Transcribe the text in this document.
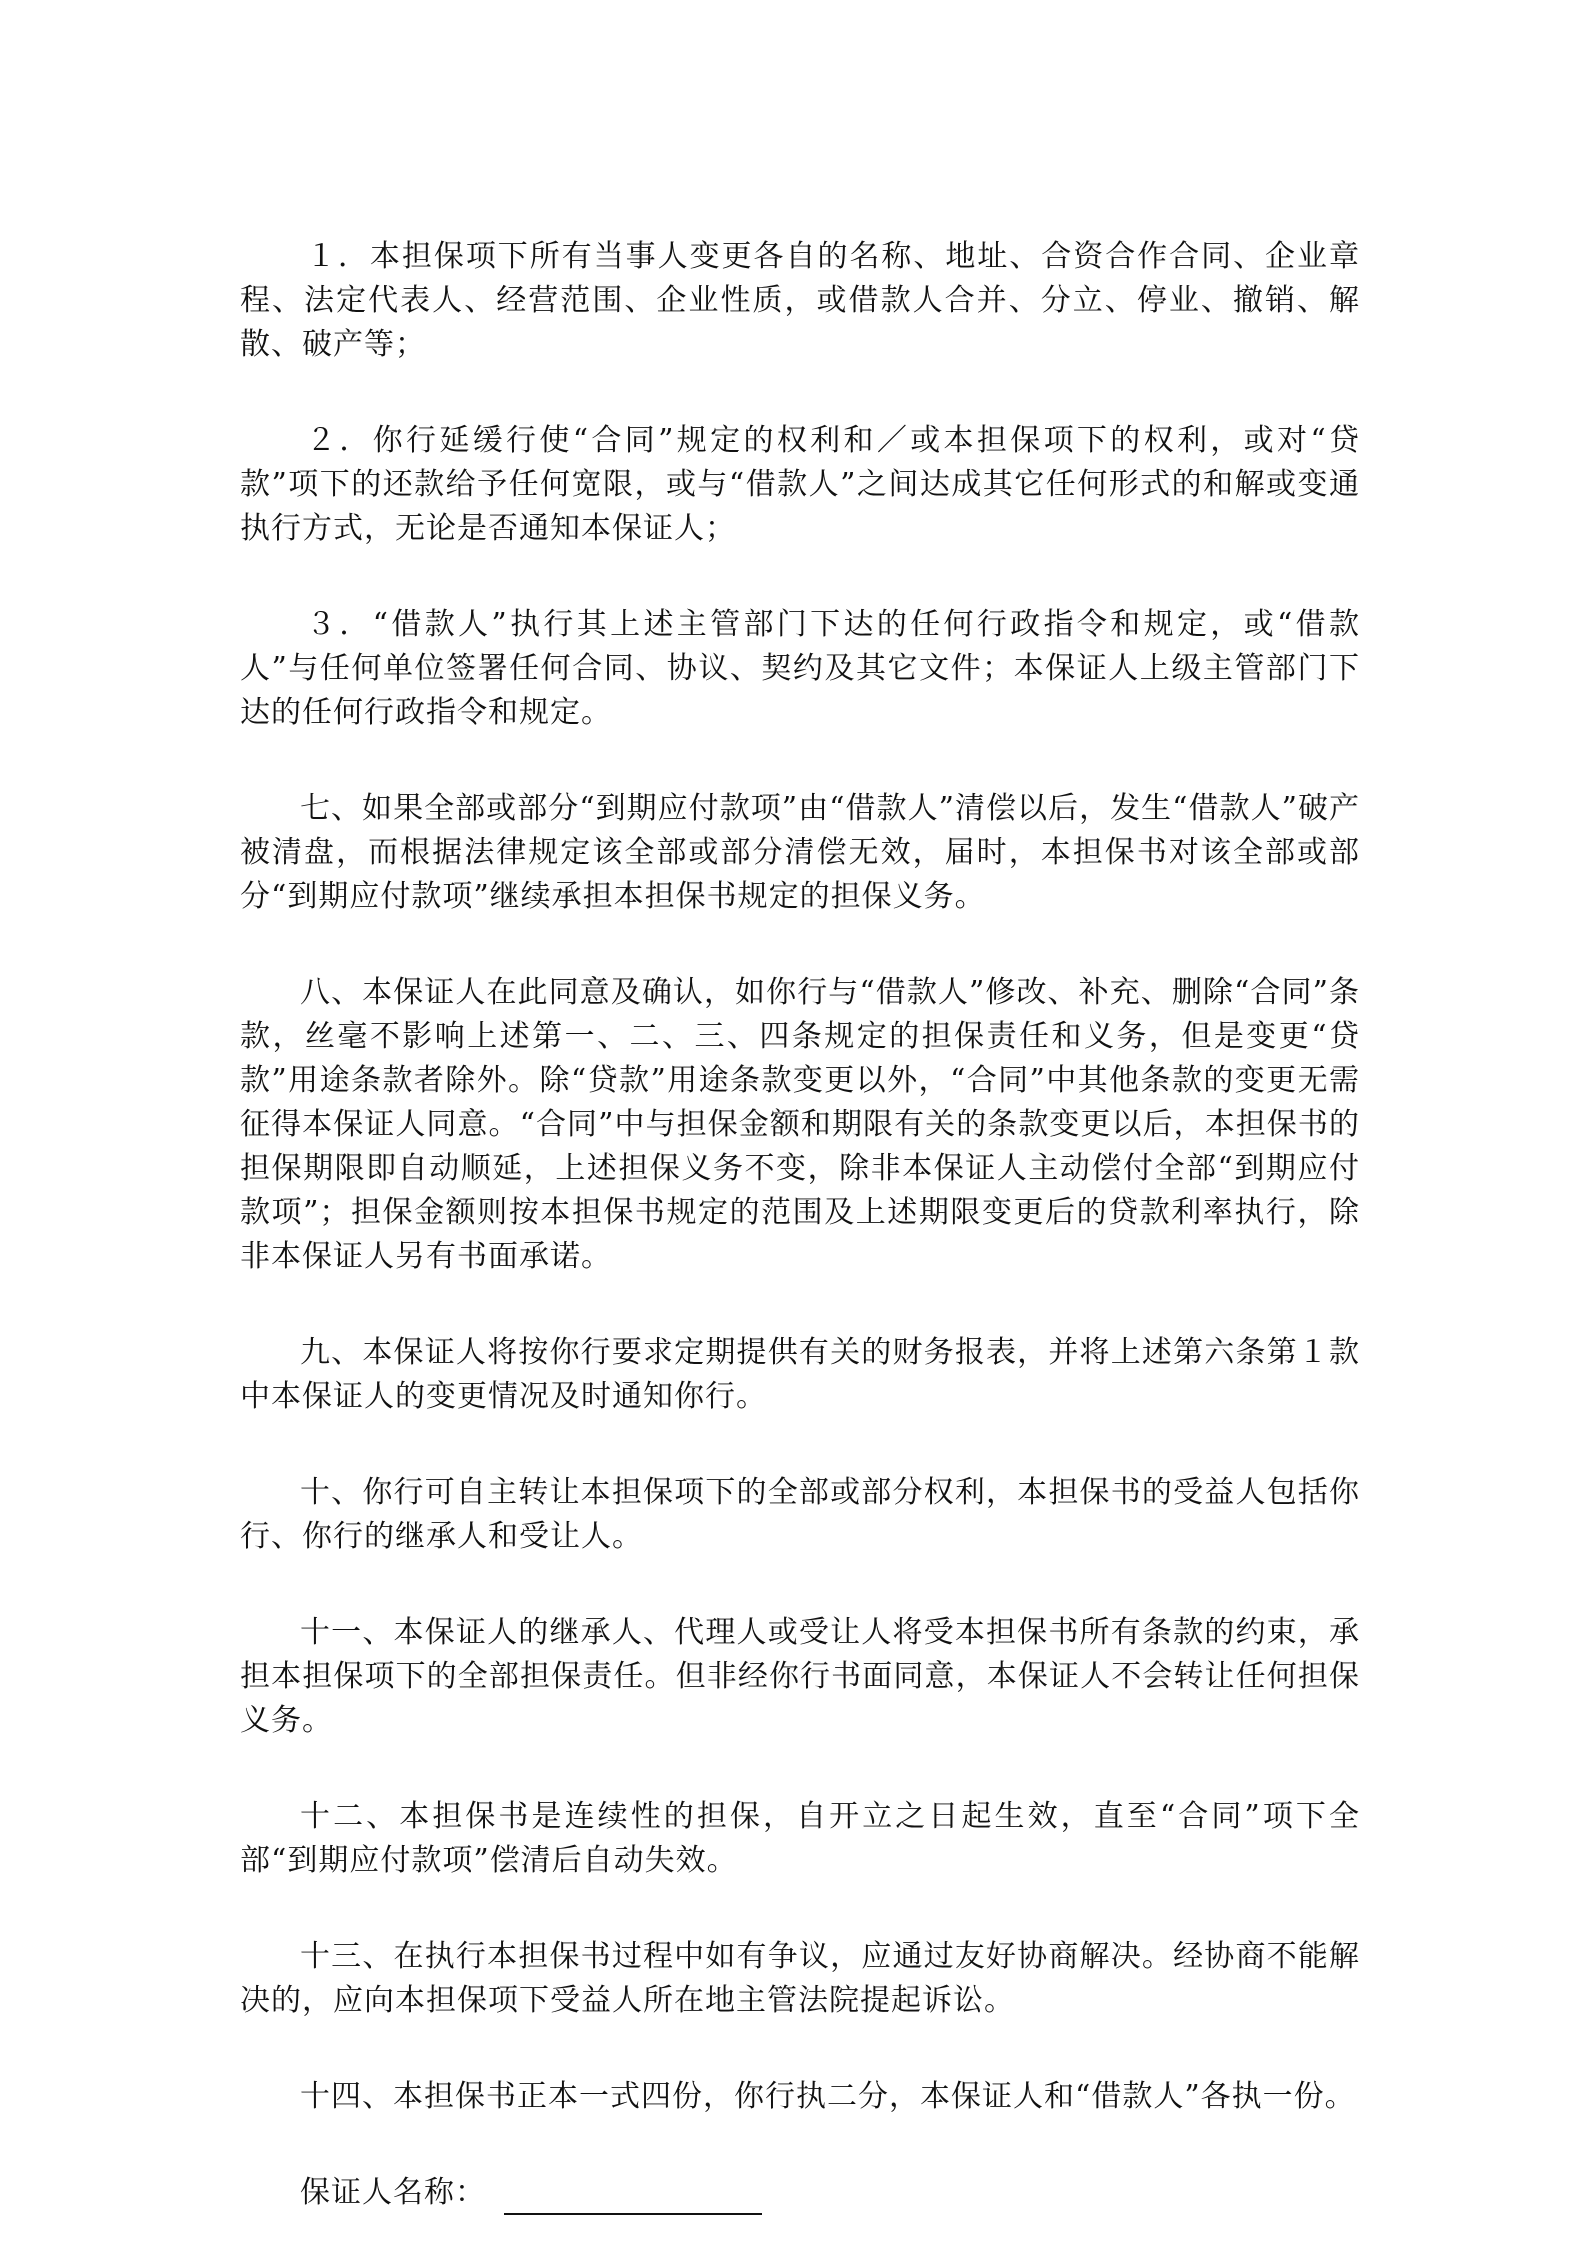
１．本担保项下所有当事人变更各自的名称、地址、合资合作合同、企业章程、法定代表人、经营范围、企业性质，或借款人合并、分立、停业、撤销、解散、破产等；

２．你行延缓行使“合同”规定的权利和／或本担保项下的权利，或对“贷款”项下的还款给予任何宽限，或与“借款人”之间达成其它任何形式的和解或变通执行方式，无论是否通知本保证人；

３．“借款人”执行其上述主管部门下达的任何行政指令和规定，或“借款人”与任何单位签署任何合同、协议、契约及其它文件；本保证人上级主管部门下达的任何行政指令和规定。

七、如果全部或部分“到期应付款项”由“借款人”清偿以后，发生“借款人”破产被清盘，而根据法律规定该全部或部分清偿无效，届时，本担保书对该全部或部分“到期应付款项”继续承担本担保书规定的担保义务。

八、本保证人在此同意及确认，如你行与“借款人”修改、补充、删除“合同”条款，丝毫不影响上述第一、二、三、四条规定的担保责任和义务，但是变更“贷款”用途条款者除外。除“贷款”用途条款变更以外，“合同”中其他条款的变更无需征得本保证人同意。“合同”中与担保金额和期限有关的条款变更以后，本担保书的担保期限即自动顺延，上述担保义务不变，除非本保证人主动偿付全部“到期应付款项”；担保金额则按本担保书规定的范围及上述期限变更后的贷款利率执行，除非本保证人另有书面承诺。

九、本保证人将按你行要求定期提供有关的财务报表，并将上述第六条第１款中本保证人的变更情况及时通知你行。

十、你行可自主转让本担保项下的全部或部分权利，本担保书的受益人包括你行、你行的继承人和受让人。

十一、本保证人的继承人、代理人或受让人将受本担保书所有条款的约束，承担本担保项下的全部担保责任。但非经你行书面同意，本保证人不会转让任何担保义务。

十二、本担保书是连续性的担保，自开立之日起生效，直至“合同”项下全部“到期应付款项”偿清后自动失效。

十三、在执行本担保书过程中如有争议，应通过友好协商解决。经协商不能解决的，应向本担保项下受益人所在地主管法院提起诉讼。

十四、本担保书正本一式四份，你行执二分，本保证人和“借款人”各执一份。

保证人名称：
